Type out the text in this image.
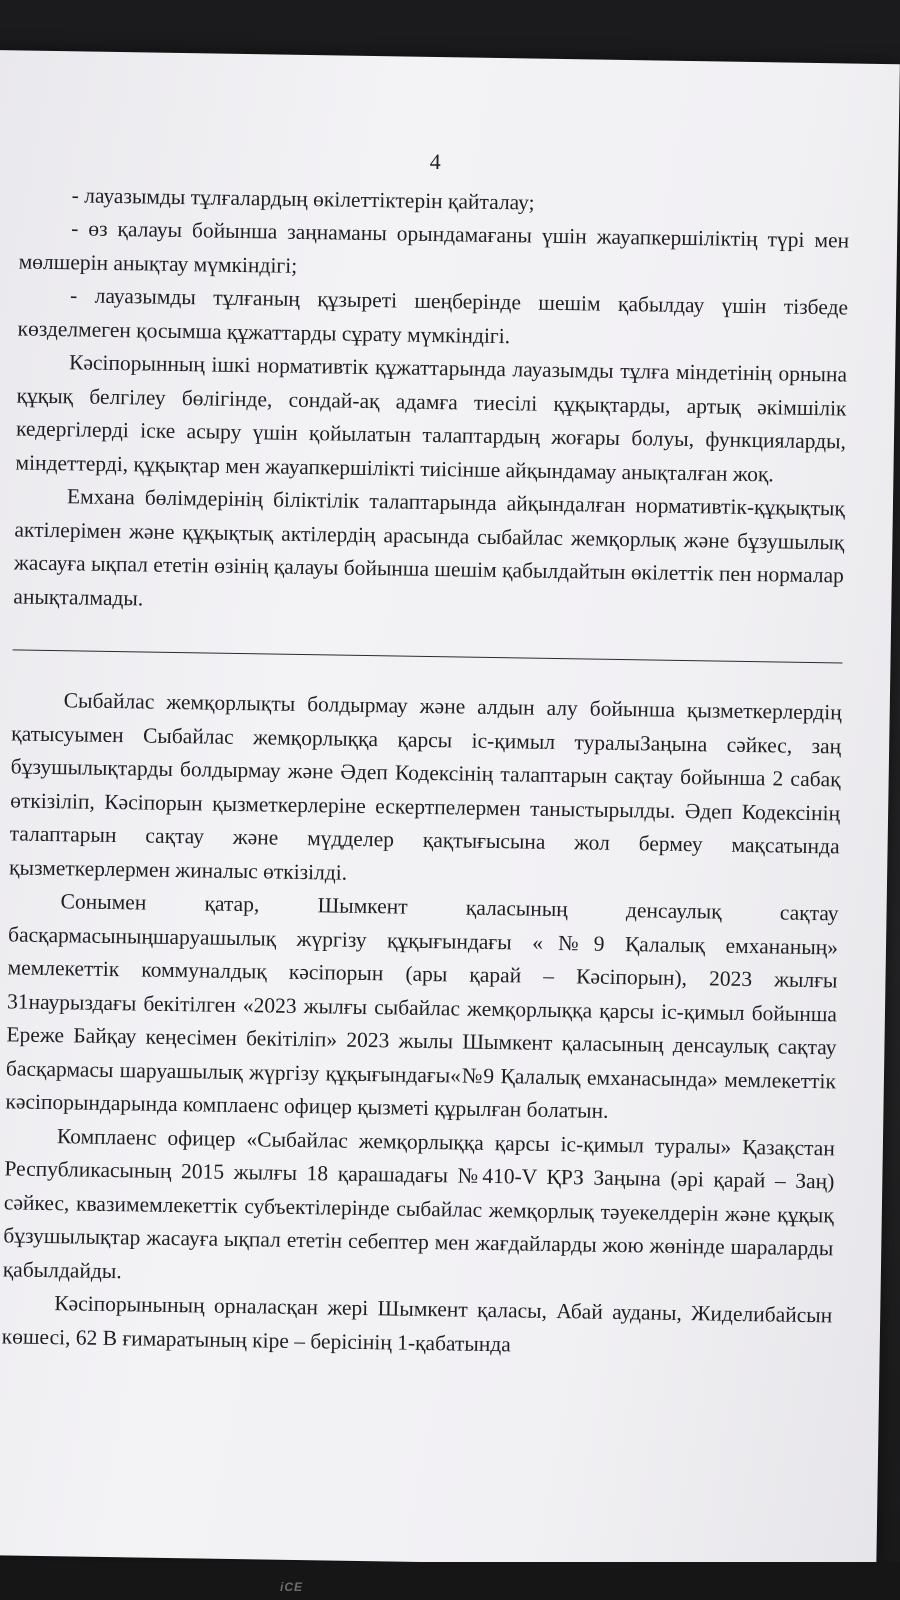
4

- лауазымды тұлғалардың өкілеттіктерін қайталау;

- өз қалауы бойынша заңнаманы орындамағаны үшін жауапкершіліктің түрі мен мөлшерін анықтау мүмкіндігі;

- лауазымды тұлғаның құзыреті шеңберінде шешім қабылдау үшін тізбеде көзделмеген қосымша құжаттарды сұрату мүмкіндігі.

Кәсіпорынның ішкі нормативтік құжаттарында лауазымды тұлға міндетінің орнына құқық белгілеу бөлігінде, сондай-ақ адамға тиесілі құқықтарды, артық әкімшілік кедергілерді іске асыру үшін қойылатын талаптардың жоғары болуы, функцияларды, міндеттерді, құқықтар мен жауапкершілікті тиісінше айқындамау анықталған жоқ.

Емхана бөлімдерінің біліктілік талаптарында айқындалған нормативтік-құқықтық актілерімен және құқықтық актілердің арасында сыбайлас жемқорлық және бұзушылық жасауға ықпал ететін өзінің қалауы бойынша шешім қабылдайтын өкілеттік пен нормалар анықталмады.

Сыбайлас жемқорлықты болдырмау және алдын алу бойынша қызметкерлердің қатысуымен Сыбайлас жемқорлыққа қарсы іс-қимыл туралыЗаңына сәйкес, заң бұзушылықтарды болдырмау және Әдеп Кодексінің талаптарын сақтау бойынша 2 сабақ өткізіліп, Кәсіпорын қызметкерлеріне ескертпелермен таныстырылды. Әдеп Кодексінің талаптарын сақтау және мүдделер қақтығысына жол бермеу мақсатында қызметкерлермен жиналыс өткізілді.

Сонымен қатар, Шымкент қаласының денсаулық сақтау басқармасыныңшаруашылық жүргізу құқығындағы «№9 Қалалық емхананың» мемлекеттік коммуналдық кәсіпорын (ары қарай – Кәсіпорын), 2023 жылғы 31наурыздағы бекітілген «2023 жылғы сыбайлас жемқорлыққа қарсы іс-қимыл бойынша Ереже Байқау кеңесімен бекітіліп» 2023 жылы Шымкент қаласының денсаулық сақтау басқармасы шаруашылық жүргізу құқығындағы«№9 Қалалық емханасында» мемлекеттік кәсіпорындарында комплаенс офицер қызметі құрылған болатын.

Комплаенс офицер «Сыбайлас жемқорлыққа қарсы іс-қимыл туралы» Қазақстан Республикасының 2015 жылғы 18 қарашадағы №410-V ҚРЗ Заңына (әрі қарай – Заң) сәйкес, квазимемлекеттік субъектілерінде сыбайлас жемқорлық тәуекелдерін және құқық бұзушылықтар жасауға ықпал ететін себептер мен жағдайларды жою жөнінде шараларды қабылдайды.

Кәсіпорынының орналасқан жері Шымкент қаласы, Абай ауданы, Жиделибайсын көшесі, 62 В ғимаратының кіре – берісінің 1-қабатында

iCE
